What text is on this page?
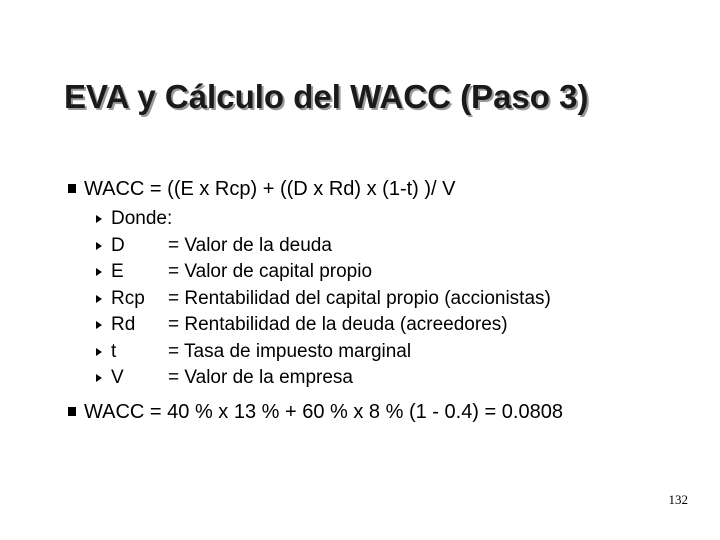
EVA y Cálculo del WACC (Paso 3)
WACC = ((E x Rcp) + ((D x Rd) x (1-t) )/ V
Donde:
D	= Valor de la deuda
E	= Valor de capital propio
Rcp	= Rentabilidad del capital propio (accionistas)
Rd	= Rentabilidad de la deuda (acreedores)
t	= Tasa de impuesto marginal
V	= Valor de la empresa
WACC = 40 % x 13 % + 60 % x 8 % (1 - 0.4) = 0.0808
132
